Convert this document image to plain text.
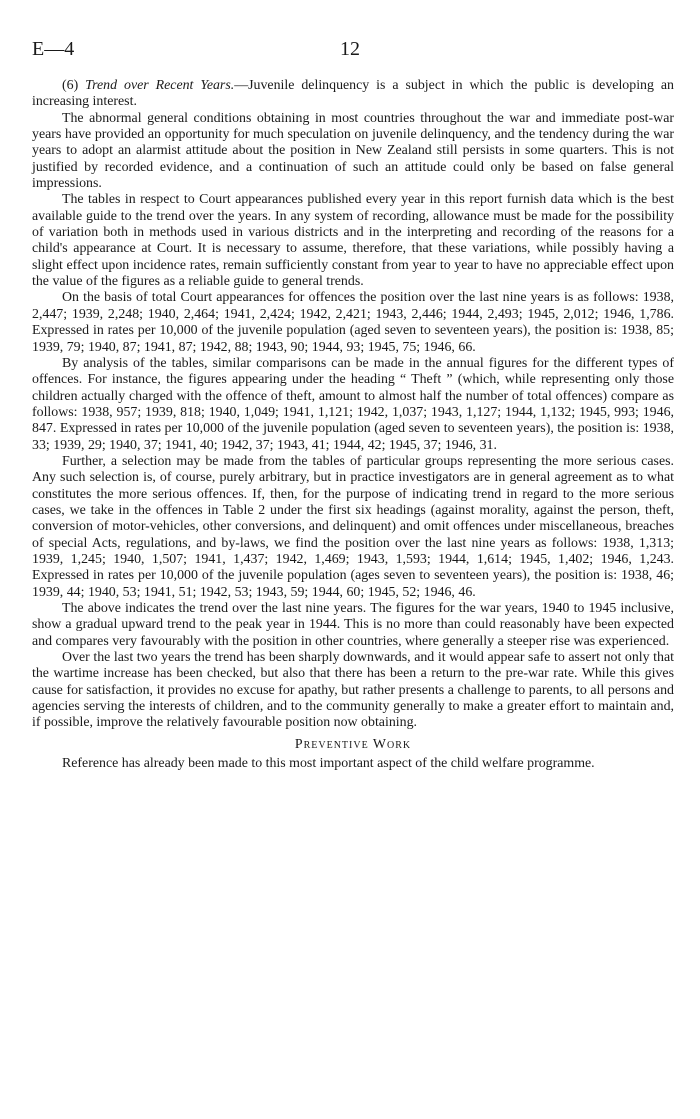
E—4	12

(6) Trend over Recent Years.—Juvenile delinquency is a subject in which the public is developing an increasing interest.

The abnormal general conditions obtaining in most countries throughout the war and immediate post-war years have provided an opportunity for much speculation on juvenile delinquency, and the tendency during the war years to adopt an alarmist attitude about the position in New Zealand still persists in some quarters. This is not justified by recorded evidence, and a continuation of such an attitude could only be based on false general impressions.

The tables in respect to Court appearances published every year in this report furnish data which is the best available guide to the trend over the years. In any system of recording, allowance must be made for the possibility of variation both in methods used in various districts and in the interpreting and recording of the reasons for a child's appearance at Court. It is necessary to assume, therefore, that these variations, while possibly having a slight effect upon incidence rates, remain sufficiently constant from year to year to have no appreciable effect upon the value of the figures as a reliable guide to general trends.

On the basis of total Court appearances for offences the position over the last nine years is as follows: 1938, 2,447; 1939, 2,248; 1940, 2,464; 1941, 2,424; 1942, 2,421; 1943, 2,446; 1944, 2,493; 1945, 2,012; 1946, 1,786. Expressed in rates per 10,000 of the juvenile population (aged seven to seventeen years), the position is: 1938, 85; 1939, 79; 1940, 87; 1941, 87; 1942, 88; 1943, 90; 1944, 93; 1945, 75; 1946, 66.

By analysis of the tables, similar comparisons can be made in the annual figures for the different types of offences. For instance, the figures appearing under the heading “ Theft ” (which, while representing only those children actually charged with the offence of theft, amount to almost half the number of total offences) compare as follows: 1938, 957; 1939, 818; 1940, 1,049; 1941, 1,121; 1942, 1,037; 1943, 1,127; 1944, 1,132; 1945, 993; 1946, 847. Expressed in rates per 10,000 of the juvenile population (aged seven to seventeen years), the position is: 1938, 33; 1939, 29; 1940, 37; 1941, 40; 1942, 37; 1943, 41; 1944, 42; 1945, 37; 1946, 31.

Further, a selection may be made from the tables of particular groups representing the more serious cases. Any such selection is, of course, purely arbitrary, but in practice investigators are in general agreement as to what constitutes the more serious offences. If, then, for the purpose of indicating trend in regard to the more serious cases, we take in the offences in Table 2 under the first six headings (against morality, against the person, theft, conversion of motor-vehicles, other conversions, and delinquent) and omit offences under miscellaneous, breaches of special Acts, regulations, and by-laws, we find the position over the last nine years as follows: 1938, 1,313; 1939, 1,245; 1940, 1,507; 1941, 1,437; 1942, 1,469; 1943, 1,593; 1944, 1,614; 1945, 1,402; 1946, 1,243. Expressed in rates per 10,000 of the juvenile population (ages seven to seventeen years), the position is: 1938, 46; 1939, 44; 1940, 53; 1941, 51; 1942, 53; 1943, 59; 1944, 60; 1945, 52; 1946, 46.

The above indicates the trend over the last nine years. The figures for the war years, 1940 to 1945 inclusive, show a gradual upward trend to the peak year in 1944. This is no more than could reasonably have been expected and compares very favourably with the position in other countries, where generally a steeper rise was experienced.

Over the last two years the trend has been sharply downwards, and it would appear safe to assert not only that the wartime increase has been checked, but also that there has been a return to the pre-war rate. While this gives cause for satisfaction, it provides no excuse for apathy, but rather presents a challenge to parents, to all persons and agencies serving the interests of children, and to the community generally to make a greater effort to maintain and, if possible, improve the relatively favourable position now obtaining.

Preventive Work

Reference has already been made to this most important aspect of the child welfare programme.
